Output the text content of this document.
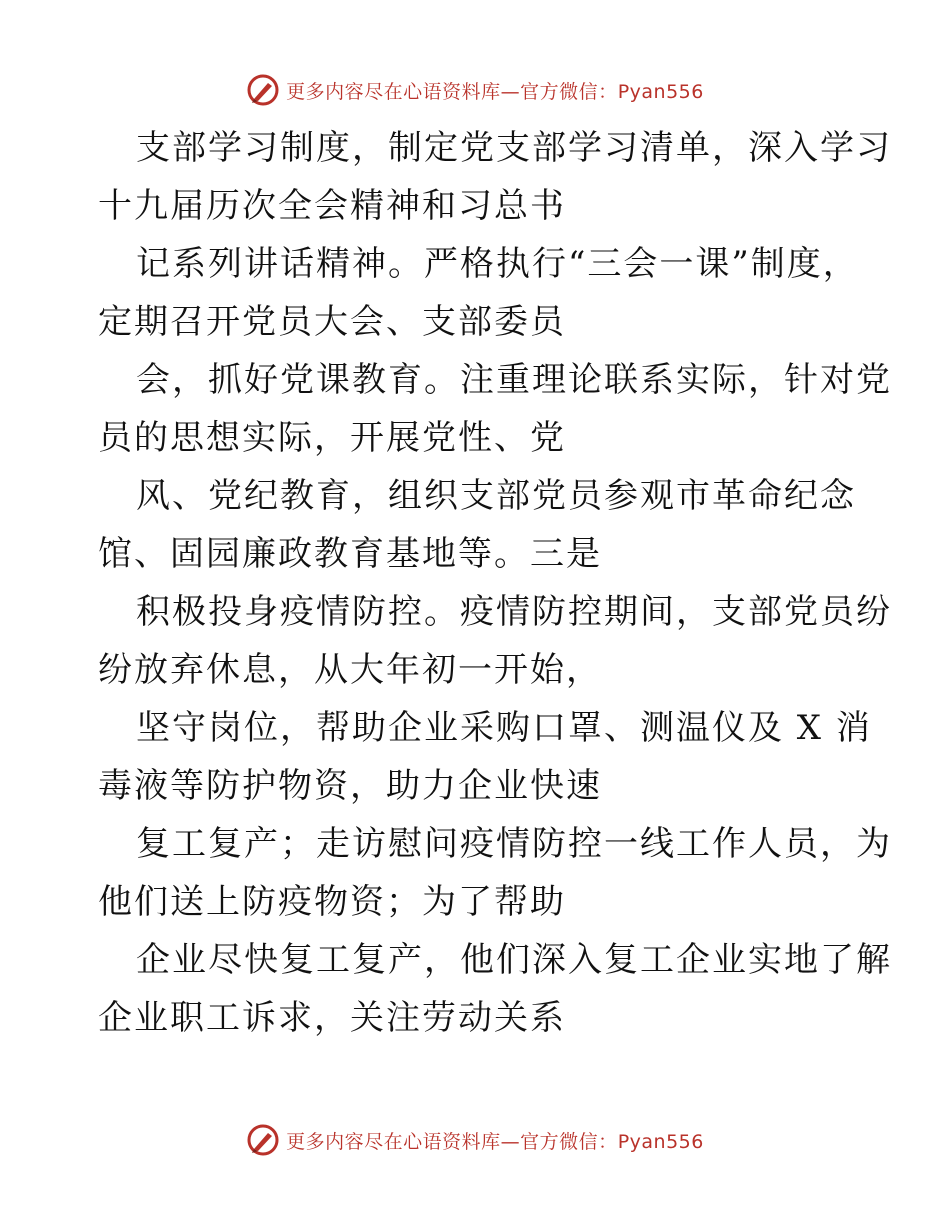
更多内容尽在心语资料库—官方微信：Pyan556
支部学习制度，制定党支部学习清单，深入学习
十九届历次全会精神和习总书
记系列讲话精神。严格执行“三会一课”制度，
定期召开党员大会、支部委员
会，抓好党课教育。注重理论联系实际，针对党
员的思想实际，开展党性、党
风、党纪教育，组织支部党员参观市革命纪念
馆、固园廉政教育基地等。三是
积极投身疫情防控。疫情防控期间，支部党员纷
纷放弃休息，从大年初一开始，
坚守岗位，帮助企业采购口罩、测温仪及 X 消
毒液等防护物资，助力企业快速
复工复产；走访慰问疫情防控一线工作人员，为
他们送上防疫物资；为了帮助
企业尽快复工复产，他们深入复工企业实地了解
企业职工诉求，关注劳动关系
更多内容尽在心语资料库—官方微信：Pyan556
